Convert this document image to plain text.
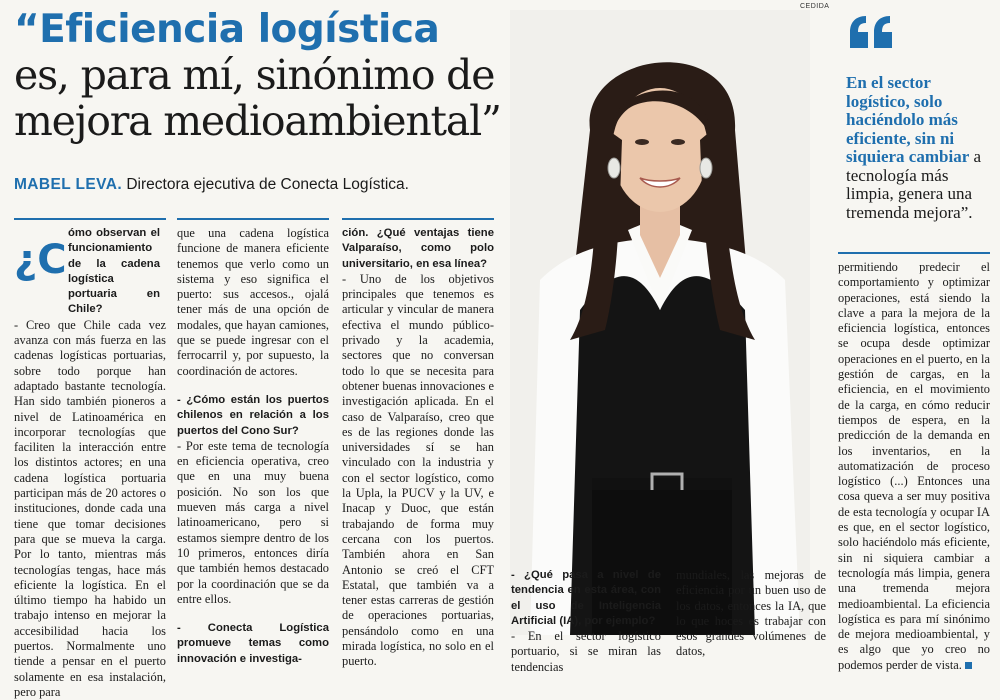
CEDIDA
“Eficiencia logística
es, para mí, sinónimo de
mejora medioambiental”
MABEL LEVA. Directora ejecutiva de Conecta Logística.
¿C
ómo observan el funcionamiento de la cadena logística portuaria en Chile?

- Creo que Chile cada vez avanza con más fuerza en las cadenas logísticas portuarias, sobre todo porque han adaptado bastante tecnología. Han sido también pioneros a nivel de Latinoamérica en incorporar tecnologías que faciliten la interacción entre los distintos actores; en una cadena logística portuaria participan más de 20 actores o instituciones, donde cada una tiene que tomar decisiones para que se mueva la carga. Por lo tanto, mientras más tecnologías tengas, hace más eficiente la logística. En el último tiempo ha habido un trabajo intenso en mejorar la accesibilidad hacia los puertos. Normalmente uno tiende a pensar en el puerto solamente en esa instalación, pero para

que una cadena logística funcione de manera eficiente tenemos que verlo como un sistema y eso significa el puerto: sus accesos., ojalá tener más de una opción de modales, que hayan camiones, que se puede ingresar con el ferrocarril y, por supuesto, la coordinación de actores.

- ¿Cómo están los puertos chilenos en relación a los puertos del Cono Sur?

- Por este tema de tecnología en eficiencia operativa, creo que en una muy buena posición. No son los que mueven más carga a nivel latinoamericano, pero si estamos siempre dentro de los 10 primeros, entonces diría que también hemos destacado por la coordinación que se da entre ellos.

- Conecta Logística promueve temas como innovación e investiga-
ción. ¿Qué ventajas tiene Valparaíso, como polo universitario, en esa línea?

- Uno de los objetivos principales que tenemos es articular y vincular de manera efectiva el mundo público-privado y la academia, sectores que no conversan todo lo que se necesita para obtener buenas innovaciones e investigación aplicada. En el caso de Valparaíso, creo que es de las regiones donde las universidades sí se han vinculado con la industria y con el sector logístico, como la Upla, la PUCV y la UV, e Inacap y Duoc, que están trabajando de forma muy cercana con los puertos. También ahora en San Antonio se creó el CFT Estatal, que también va a tener estas carreras de gestión de operaciones portuarias, pensándolo como en una mirada logística, no solo en el puerto.

- ¿Qué pasa a nivel de tendencia en esta área, con el uso de Inteligencia Artificial (IA), por ejemplo?

- En el sector logístico portuario, si se miran las tendencias

mundiales, las mejoras de eficiencia por un buen uso de los datos, entonces la IA, que lo que hoces es trabajar con esos grandes volúmenes de datos,

En el sector logístico, solo haciéndolo más eficiente, sin ni siquiera cambiar a tecnología más limpia, genera una tremenda mejora”.

permitiendo predecir el comportamiento y optimizar operaciones, está siendo la clave a para la mejora de la eficiencia logística, entonces se ocupa desde optimizar operaciones en el puerto, en la gestión de cargas, en la eficiencia, en el movimiento de la carga, en cómo reducir tiempos de espera, en la predicción de la demanda en los inventarios, en la automatización de proceso logístico (...) Entonces una cosa queva a ser muy positiva de esta tecnología y ocupar IA es que, en el sector logístico, solo haciéndolo más eficiente, sin ni siquiera cambiar a tecnología más limpia, genera una tremenda mejora medioambiental. La eficiencia logística es para mí sinónimo de mejora medioambiental, y es algo que yo creo no podemos perder de vista.
